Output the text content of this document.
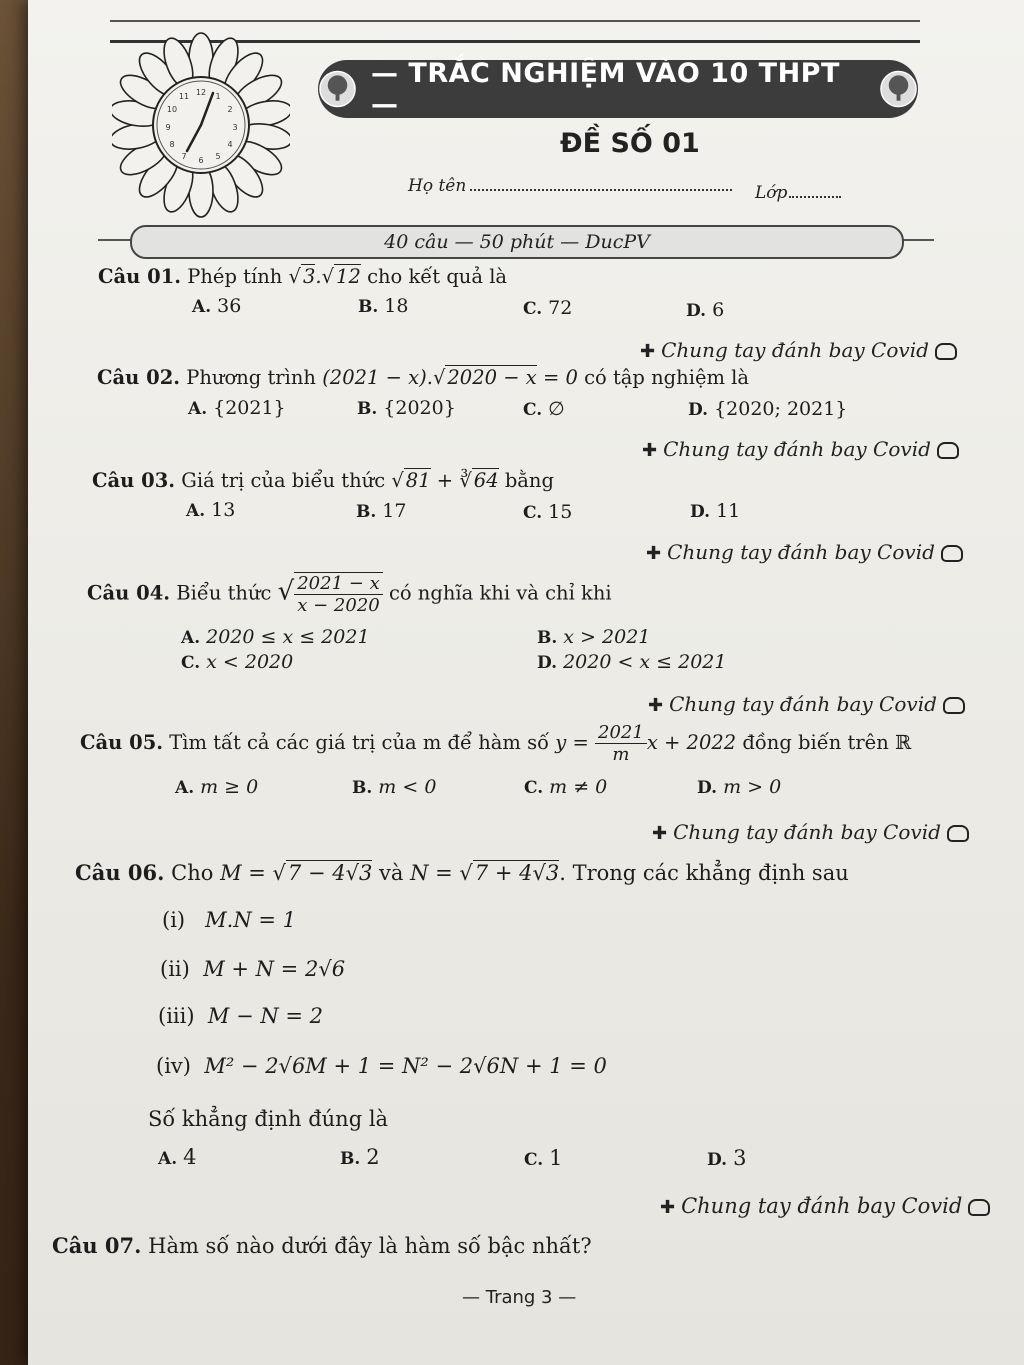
12 1
2
3
4
5
6
7
8
9
10
11
— TRẮC NGHIỆM VÀO 10 THPT —
ĐỀ SỐ 01
Họ tên	Lớp
40 câu — 50 phút — DucPV
Câu 01. Phép tính √ 3.√ 12 cho kết quả là
A. 36	B. 18	C. 72	D. 6
✚ Chung tay đánh bay Covid
Câu 02. Phương trình (2021 − x).√ 2020 − x = 0 có tập nghiệm là
A. {2021}	B. {2020}	C. ∅	D. {2020; 2021}
✚ Chung tay đánh bay Covid
Câu 03. Giá trị của biểu thức √ 81 + ∛ 64 bằng
A. 13	B. 17	C. 15	D. 11
✚ Chung tay đánh bay Covid
Câu 04. Biểu thức √ $\frac{2021 - x}{x - 2020}$ có nghĩa khi và chỉ khi
A. 2020 ≤ x ≤ 2021	B. x > 2021
C. x < 2020	D. 2020 < x ≤ 2021
✚ Chung tay đánh bay Covid
Câu 05. Tìm tất cả các giá trị của m để hàm số $y = \frac{2021}{m}$ x + 2022 đồng biến trên ℝ
A. m ≥ 0	B. m < 0	C. m ≠ 0	D. m > 0
✚ Chung tay đánh bay Covid
Câu 06. Cho M = √7 − 4√3 và N = √7 + 4√3. Trong các khẳng định sau
(i) M.N = 1
(ii) M + N = 2√6
(iii) M − N = 2
(iv) M² − 2√6M + 1 = N² − 2√6N + 1 = 0
Số khẳng định đúng là
A. 4	B. 2	C. 1	D. 3
✚ Chung tay đánh bay Covid
Câu 07. Hàm số nào dưới đây là hàm số bậc nhất?
— Trang 3 —
